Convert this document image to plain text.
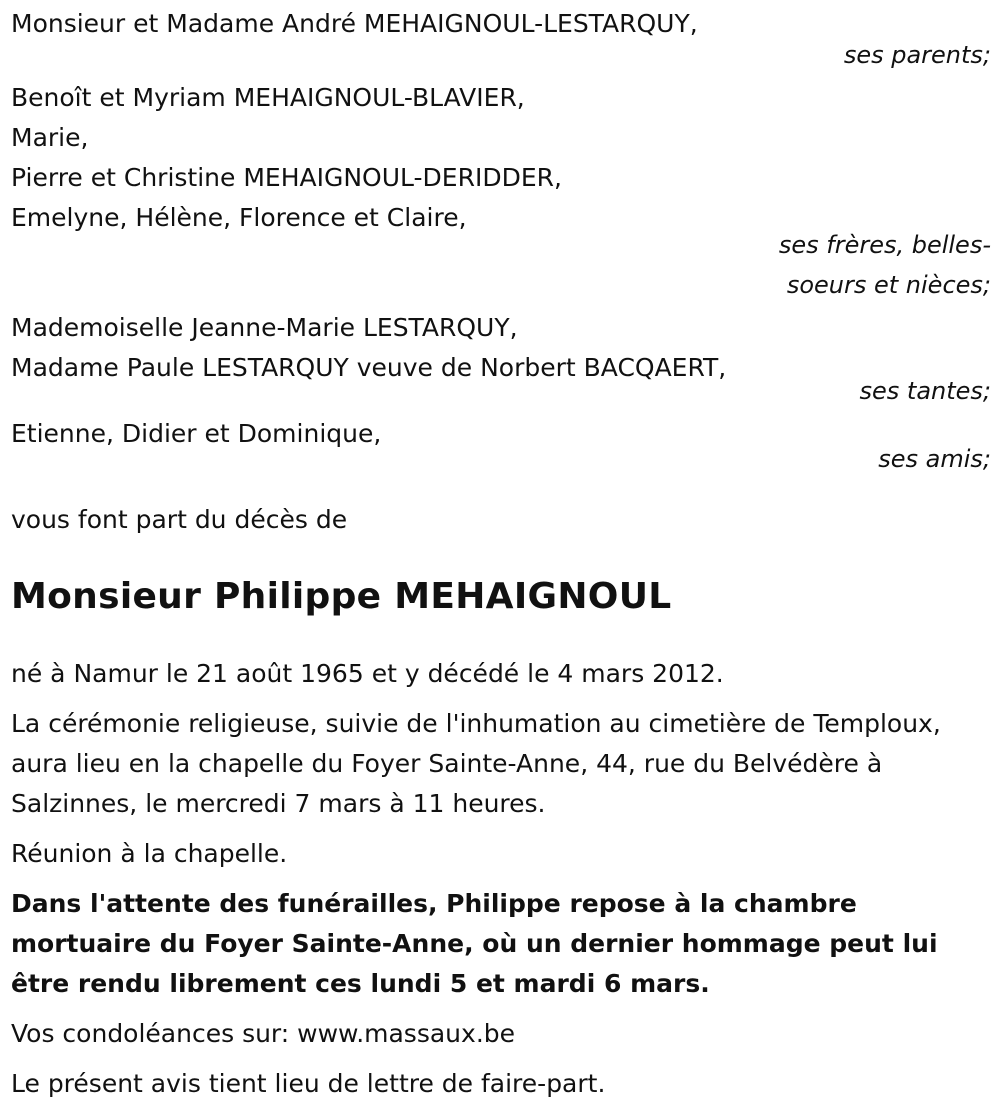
Monsieur et Madame André MEHAIGNOUL-LESTARQUY,
ses parents;
Benoît et Myriam MEHAIGNOUL-BLAVIER,
Marie,
Pierre et Christine MEHAIGNOUL-DERIDDER,
Emelyne, Hélène, Florence et Claire,
ses frères, belles-
soeurs et nièces;
Mademoiselle Jeanne-Marie LESTARQUY,
Madame Paule LESTARQUY veuve de Norbert BACQAERT,
ses tantes;
Etienne, Didier et Dominique,
ses amis;
vous font part du décès de
Monsieur Philippe MEHAIGNOUL

né à Namur le 21 août 1965 et y décédé le 4 mars 2012.

La cérémonie religieuse, suivie de l'inhumation au cimetière de Temploux, aura lieu en la chapelle du Foyer Sainte-Anne, 44, rue du Belvédère à Salzinnes, le mercredi 7 mars à 11 heures.

Réunion à la chapelle.

Dans l'attente des funérailles, Philippe repose à la chambre mortuaire du Foyer Sainte-Anne, où un dernier hommage peut lui être rendu librement ces lundi 5 et mardi 6 mars.

Vos condoléances sur: www.massaux.be

Le présent avis tient lieu de lettre de faire-part.
